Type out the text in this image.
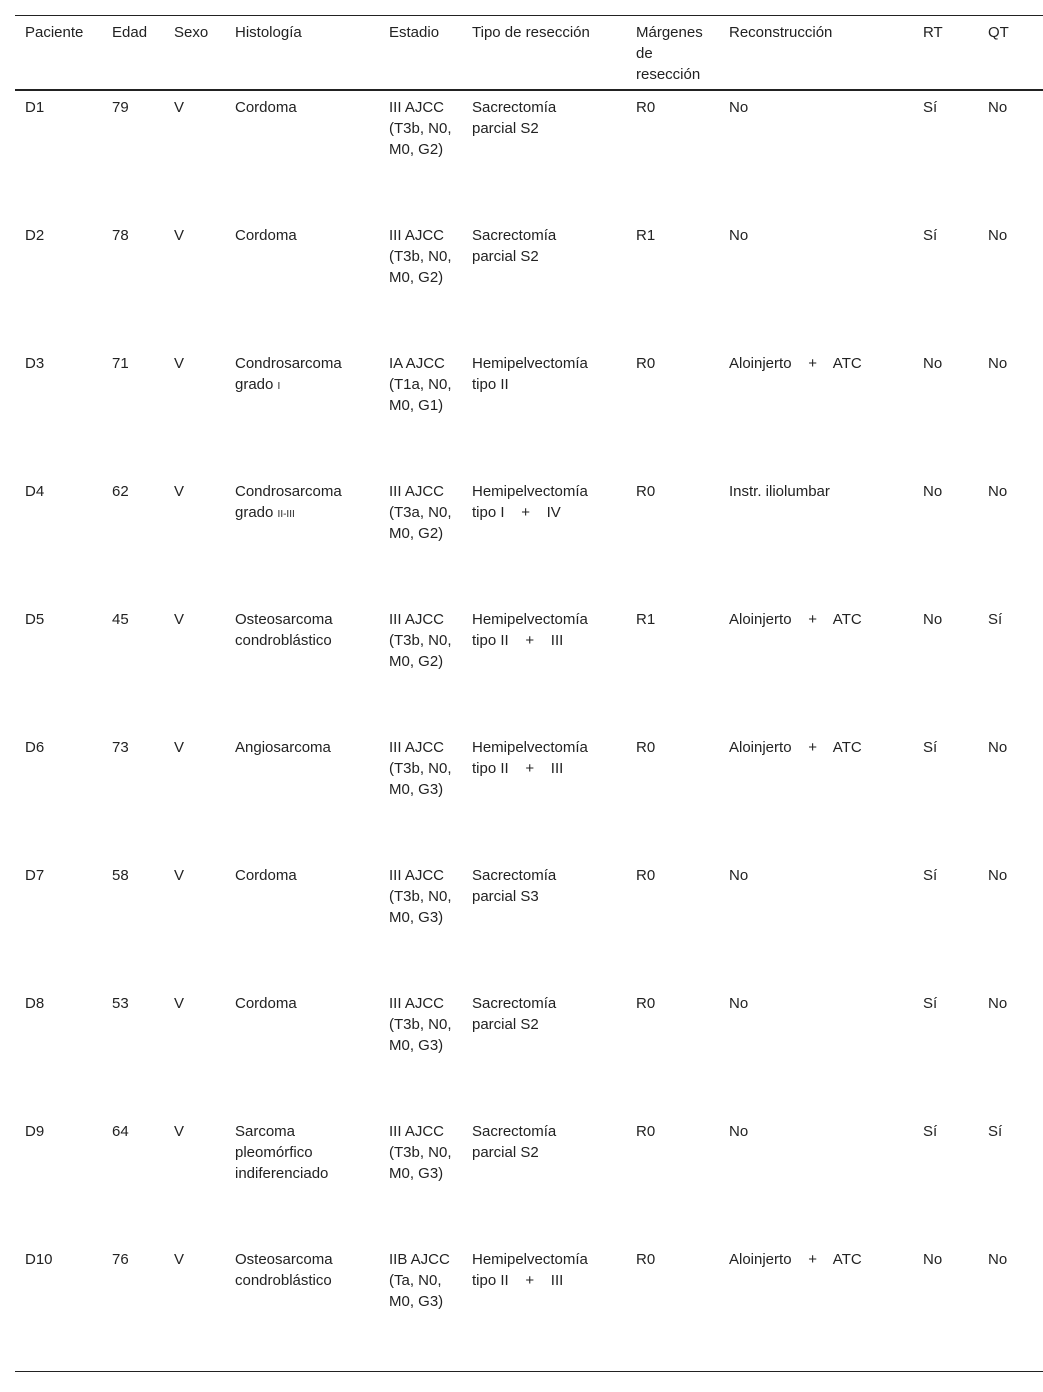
Paciente	Edad	Sexo	Histología	Estadio	Tipo de resección	Márgenes de resección	Reconstrucción	RT	QT
D1	79	V	Cordoma	III AJCC (T3b, N0, M0, G2)	Sacrectomía
parcial S2	R0	No	Sí	No
D2	78	V	Cordoma	III AJCC (T3b, N0, M0, G2)	Sacrectomía
parcial S2	R1	No	Sí	No
D3	71	V	Condrosarcoma grado I	IA AJCC (T1a, N0, M0, G1)	Hemipelvectomía
tipo II	R0	Aloinjerto    +    ATC	No	No
D4	62	V	Condrosarcoma grado II-III	III AJCC (T3a, N0, M0, G2)	Hemipelvectomía
tipo I    +    IV	R0	Instr. iliolumbar	No	No
D5	45	V	Osteosarcoma condroblástico	III AJCC (T3b, N0, M0, G2)	Hemipelvectomía
tipo II    +    III	R1	Aloinjerto    +    ATC	No	Sí
D6	73	V	Angiosarcoma	III AJCC (T3b, N0, M0, G3)	Hemipelvectomía
tipo II    +    III	R0	Aloinjerto    +    ATC	Sí	No
D7	58	V	Cordoma	III AJCC (T3b, N0, M0, G3)	Sacrectomía
parcial S3	R0	No	Sí	No
D8	53	V	Cordoma	III AJCC (T3b, N0, M0, G3)	Sacrectomía
parcial S2	R0	No	Sí	No
D9	64	V	Sarcoma pleomórfico indiferenciado	III AJCC (T3b, N0, M0, G3)	Sacrectomía
parcial S2	R0	No	Sí	Sí
D10	76	V	Osteosarcoma condroblástico	IIB AJCC (Ta, N0, M0, G3)	Hemipelvectomía
tipo II    +    III	R0	Aloinjerto    +    ATC	No	No
